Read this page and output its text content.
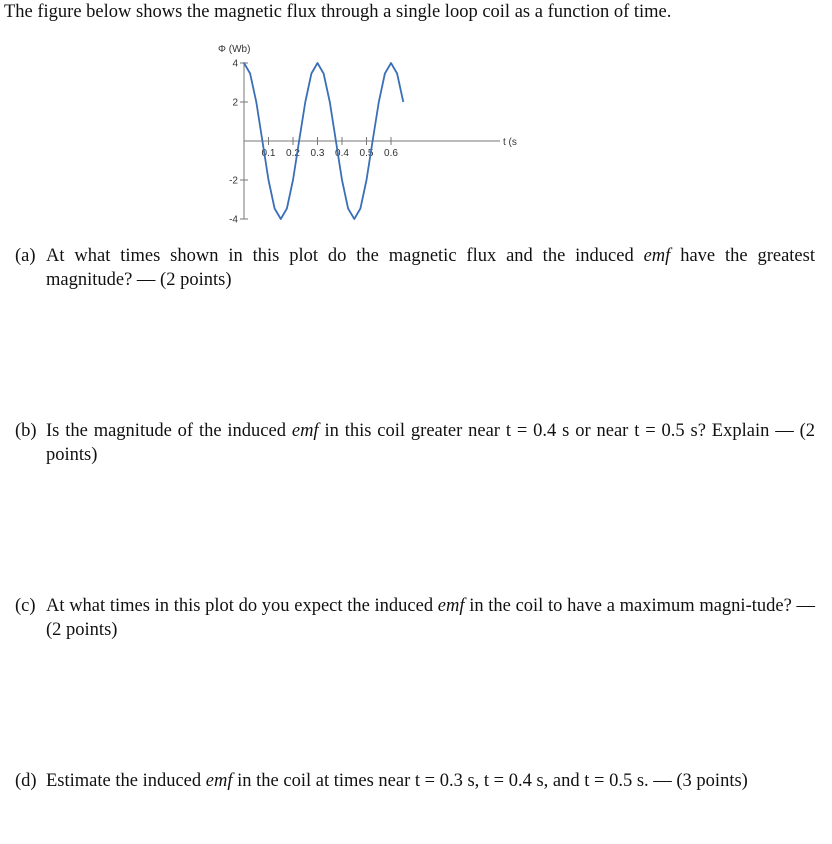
The figure below shows the magnetic flux through a single loop coil as a function of time.
Φ (Wb)
t (s
4
2
-2
-4
0.1 0.2 0.3 0.4 0.5 0.6
(a) At what times shown in this plot do the magnetic flux and the induced emf have the greatest magnitude? — (2 points)
(b) Is the magnitude of the induced emf in this coil greater near t = 0.4 s or near t = 0.5 s? Explain — (2 points)
(c) At what times in this plot do you expect the induced emf in the coil to have a maximum magni-tude? — (2 points)
(d) Estimate the induced emf in the coil at times near t = 0.3 s, t = 0.4 s, and t = 0.5 s. — (3 points)
